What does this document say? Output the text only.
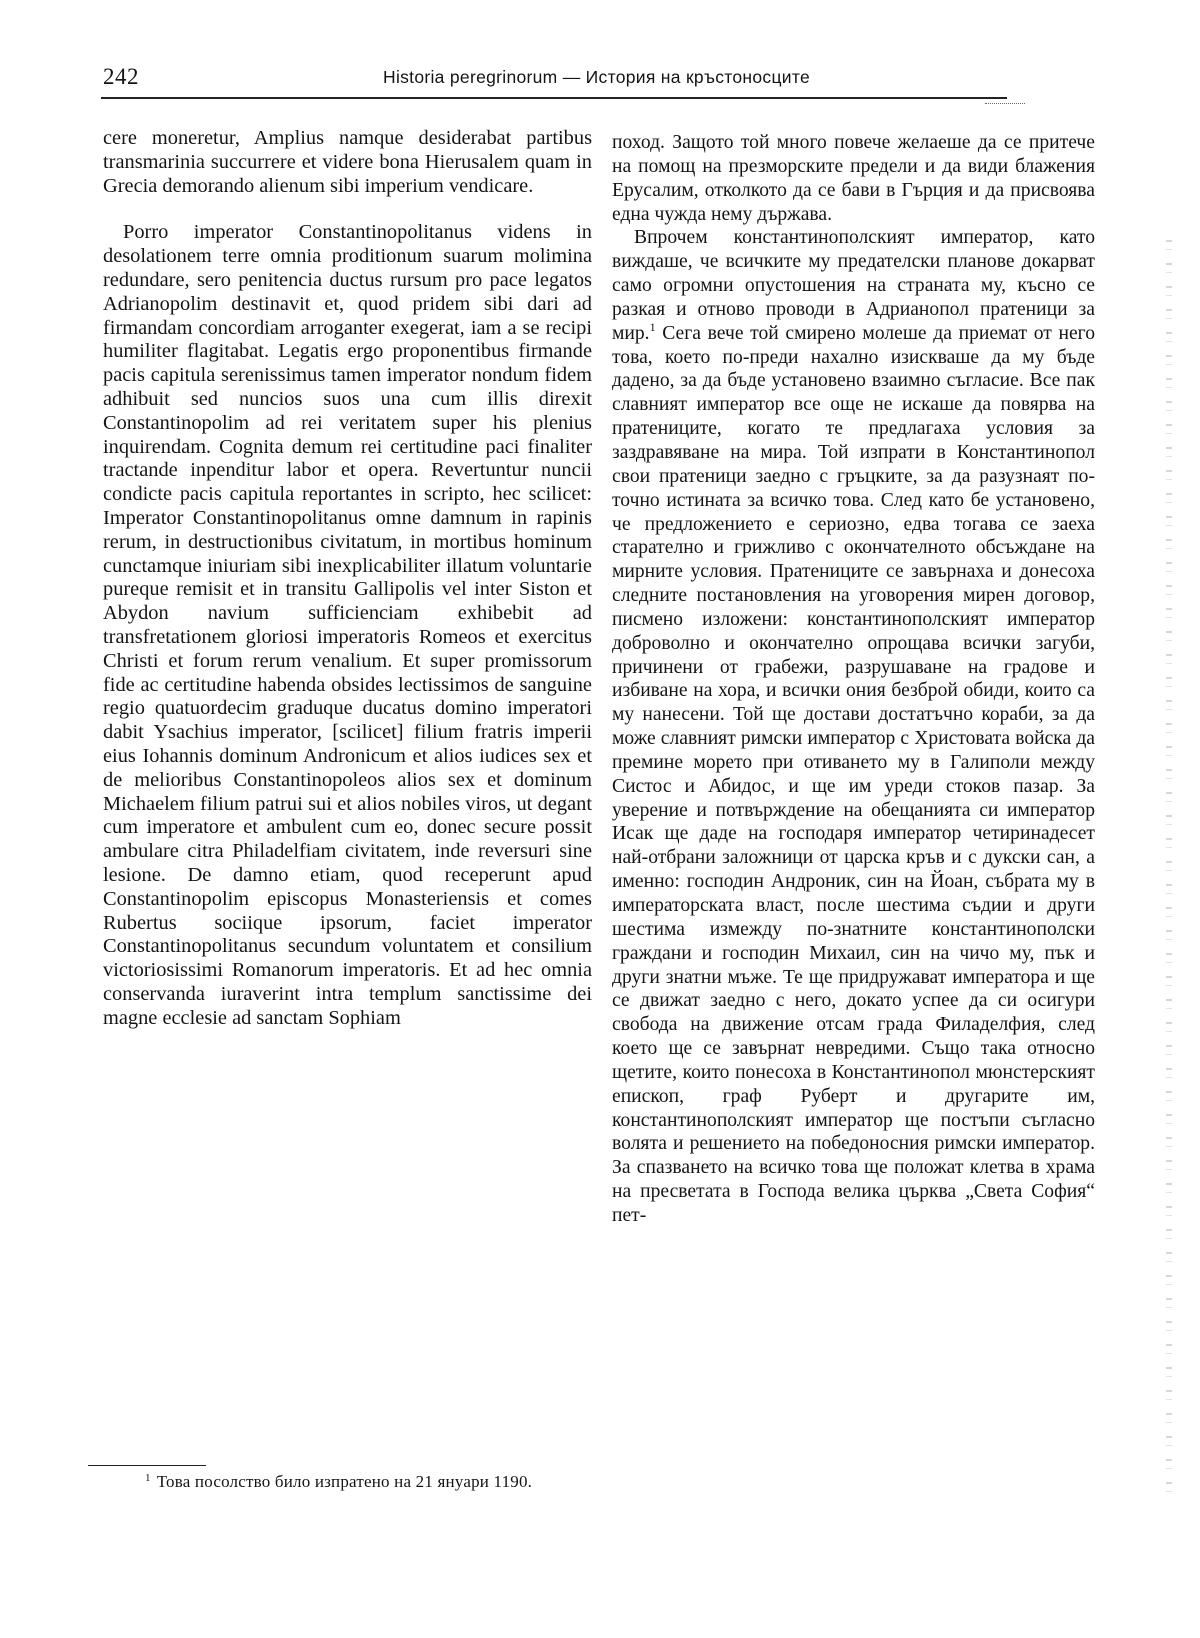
242	Historia peregrinorum — История на кръстоносците

cere moneretur, Amplius namque desiderabat partibus transmarinia succurrere et videre bona Hierusalem quam in Grecia demorando alienum sibi imperium vendicare.

Porro imperator Constantinopolitanus videns in desolationem terre omnia proditionum suarum molimina redundare, sero penitencia ductus rursum pro pace legatos Adrianopolim destinavit et, quod pridem sibi dari ad firmandam concordiam arroganter exegerat, iam a se recipi humiliter flagitabat. Legatis ergo proponentibus firmande pacis capitula serenissimus tamen imperator nondum fidem adhibuit sed nuncios suos una cum illis direxit Constantinopolim ad rei veritatem super his plenius inquirendam. Cognita demum rei certitudine paci finaliter tractande inpenditur labor et opera. Revertuntur nuncii condicte pacis capitula reportantes in scripto, hec scilicet: Imperator Constantinopolitanus omne damnum in rapinis rerum, in destructionibus civitatum, in mortibus hominum cunctamque iniuriam sibi inexplicabiliter illatum voluntarie pureque remisit et in transitu Gallipolis vel inter Siston et Abydon navium sufficienciam exhibebit ad transfretationem gloriosi imperatoris Romeos et exercitus Christi et forum rerum venalium. Et super promissorum fide ac certitudine habenda obsides lectissimos de sanguine regio quatuordecim graduque ducatus domino imperatori dabit Ysachius imperator, [scilicet] filium fratris imperii eius Iohannis dominum Andronicum et alios iudices sex et de melioribus Constantinopoleos alios sex et dominum Michaelem filium patrui sui et alios nobiles viros, ut degant cum imperatore et ambulent cum eo, donec secure possit ambulare citra Philadelfiam civitatem, inde reversuri sine lesione. De damno etiam, quod receperunt apud Constantinopolim episcopus Monasteriensis et comes Rubertus sociique ipsorum, faciet imperator Constantinopolitanus secundum voluntatem et consilium victoriosissimi Romanorum imperatoris. Et ad hec omnia conservanda iuraverint intra templum sanctissime dei magne ecclesie ad sanctam Sophiam

поход. Защото той много повече желаеше да се притече на помощ на презморските предели и да види блажения Ерусалим, отколкото да се бави в Гърция и да присвоява една чужда нему държава.

Впрочем константинополският император, като виждаше, че всичките му предателски планове докарват само огромни опустошения на страната му, късно се разкая и отново проводи в Адрианопол пратеници за мир.$^1$ Сега вече той смирено молеше да приемат от него това, което по-преди нахално изискваше да му бъде дадено, за да бъде установено взаимно съгласие. Все пак славният император все още не искаше да повярва на пратениците, когато те предлагаха условия за заздравяване на мира. Той изпрати в Константинопол свои пратеници заедно с гръцките, за да разузнаят по-точно истината за всичко това. След като бе установено, че предложението е сериозно, едва тогава се заеха старателно и грижливо с окончателното обсъждане на мирните условия. Пратениците се завърнаха и донесоха следните постановления на уговорения мирен договор, писмено изложени: константинополският император доброволно и окончателно опрощава всички загуби, причинени от грабежи, разрушаване на градове и избиване на хора, и всички ония безброй обиди, които са му нанесени. Той ще достави достатъчно кораби, за да може славният римски император с Христовата войска да премине морето при отиването му в Галиполи между Систос и Абидос, и ще им уреди стоков пазар. За уверение и потвърждение на обещанията си император Исак ще даде на господаря император четиринадесет най-отбрани заложници от царска кръв и с дукски сан, а именно: господин Андроник, син на Йоан, събрата му в императорската власт, после шестима съдии и други шестима измежду по-знатните константинополски граждани и господин Михаил, син на чичо му, пък и други знатни мъже. Те ще придружават императора и ще се движат заедно с него, докато успее да си осигури свобода на движение отсам града Филаделфия, след което ще се завърнат невредими. Също така относно щетите, които понесоха в Константинопол мюнстерският епископ, граф Руберт и другарите им, константинополският император ще постъпи съгласно волята и решението на победоносния римски император. За спазването на всичко това ще положат клетва в храма на пресветата в Господа велика църква „Света София“ пет-

$^1$ Това посолство било изпратено на 21 януари 1190.
